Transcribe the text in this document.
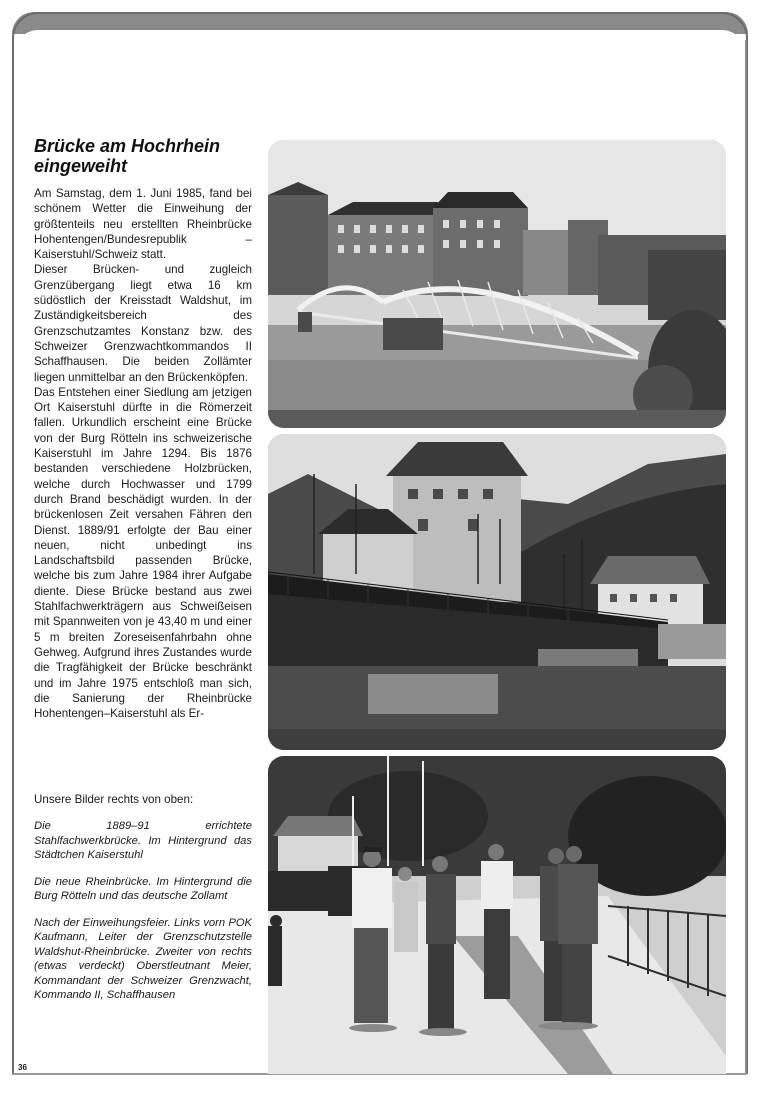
Brücke am Hochrhein eingeweiht

Am Samstag, dem 1. Juni 1985, fand bei schönem Wetter die Einweihung der größtenteils neu erstellten Rheinbrücke Hohentengen/Bundesrepublik – Kaiserstuhl/Schweiz statt.

Dieser Brücken- und zugleich Grenzübergang liegt etwa 16 km südöstlich der Kreisstadt Waldshut, im Zuständigkeitsbereich des Grenzschutzamtes Konstanz bzw. des Schweizer Grenzwachtkommandos II Schaffhausen. Die beiden Zollämter liegen unmittelbar an den Brückenköpfen.

Das Entstehen einer Siedlung am jetzigen Ort Kaiserstuhl dürfte in die Römerzeit fallen. Urkundlich erscheint eine Brücke von der Burg Rötteln ins schweizerische Kaiserstuhl im Jahre 1294. Bis 1876 bestanden verschiedene Holzbrücken, welche durch Hochwasser und 1799 durch Brand beschädigt wurden. In der brückenlosen Zeit versahen Fähren den Dienst. 1889/91 erfolgte der Bau einer neuen, nicht unbedingt ins Landschaftsbild passenden Brücke, welche bis zum Jahre 1984 ihrer Aufgabe diente. Diese Brücke bestand aus zwei Stahlfachwerkträgern aus Schweißeisen mit Spannweiten von je 43,40 m und einer 5 m breiten Zoreseisenfahrbahn ohne Gehweg. Aufgrund ihres Zustandes wurde die Tragfähigkeit der Brücke beschränkt und im Jahre 1975 entschloß man sich, die Sanierung der Rheinbrücke Hohentengen–Kaiserstuhl als Er-

Unsere Bilder rechts von oben:

Die 1889–91 errichtete Stahlfachwerkbrücke. Im Hintergrund das Städtchen Kaiserstuhl

Die neue Rheinbrücke. Im Hintergrund die Burg Rötteln und das deutsche Zollamt

Nach der Einweihungsfeier. Links vorn POK Kaufmann, Leiter der Grenzschutzstelle Waldshut-Rheinbrücke. Zweiter von rechts (etwas verdeckt) Oberstleutnant Meier, Kommandant der Schweizer Grenzwacht, Kommando II, Schaffhausen

36
